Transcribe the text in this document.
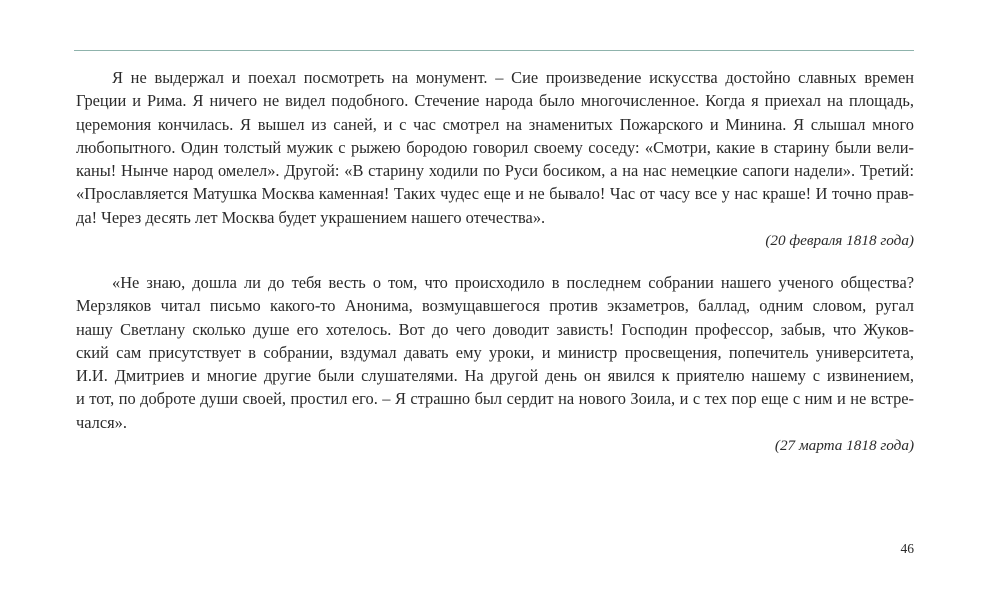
Я не выдержал и поехал посмотреть на монумент. – Сие произведение искусства достойно славных времен
Греции и Рима. Я ничего не видел подобного. Стечение народа было многочисленное. Когда я приехал на площадь,
церемония кончилась. Я вышел из саней, и с час смотрел на знаменитых Пожарского и Минина. Я слышал много
любопытного. Один толстый мужик с рыжею бородою говорил своему соседу: «Смотри, какие в старину были вели-
каны! Нынче народ омелел». Другой: «В старину ходили по Руси босиком, а на нас немецкие сапоги надели». Третий:
«Прославляется Матушка Москва каменная! Таких чудес еще и не бывало! Час от часу все у нас краше! И точно прав-
да! Через десять лет Москва будет украшением нашего отечества».
(20 февраля 1818 года)
«Не знаю, дошла ли до тебя весть о том, что происходило в последнем собрании нашего ученого общества?
Мерзляков читал письмо какого-то Анонима, возмущавшегося против экзаметров, баллад, одним словом, ругал
нашу Светлану сколько душе его хотелось. Вот до чего доводит зависть! Господин профессор, забыв, что Жуков-
ский сам присутствует в собрании, вздумал давать ему уроки, и министр просвещения, попечитель университета,
И.И. Дмитриев и многие другие были слушателями. На другой день он явился к приятелю нашему с извинением,
и тот, по доброте души своей, простил его. – Я страшно был сердит на нового Зоила, и с тех пор еще с ним и не встре-
чался».
(27 марта 1818 года)
46
